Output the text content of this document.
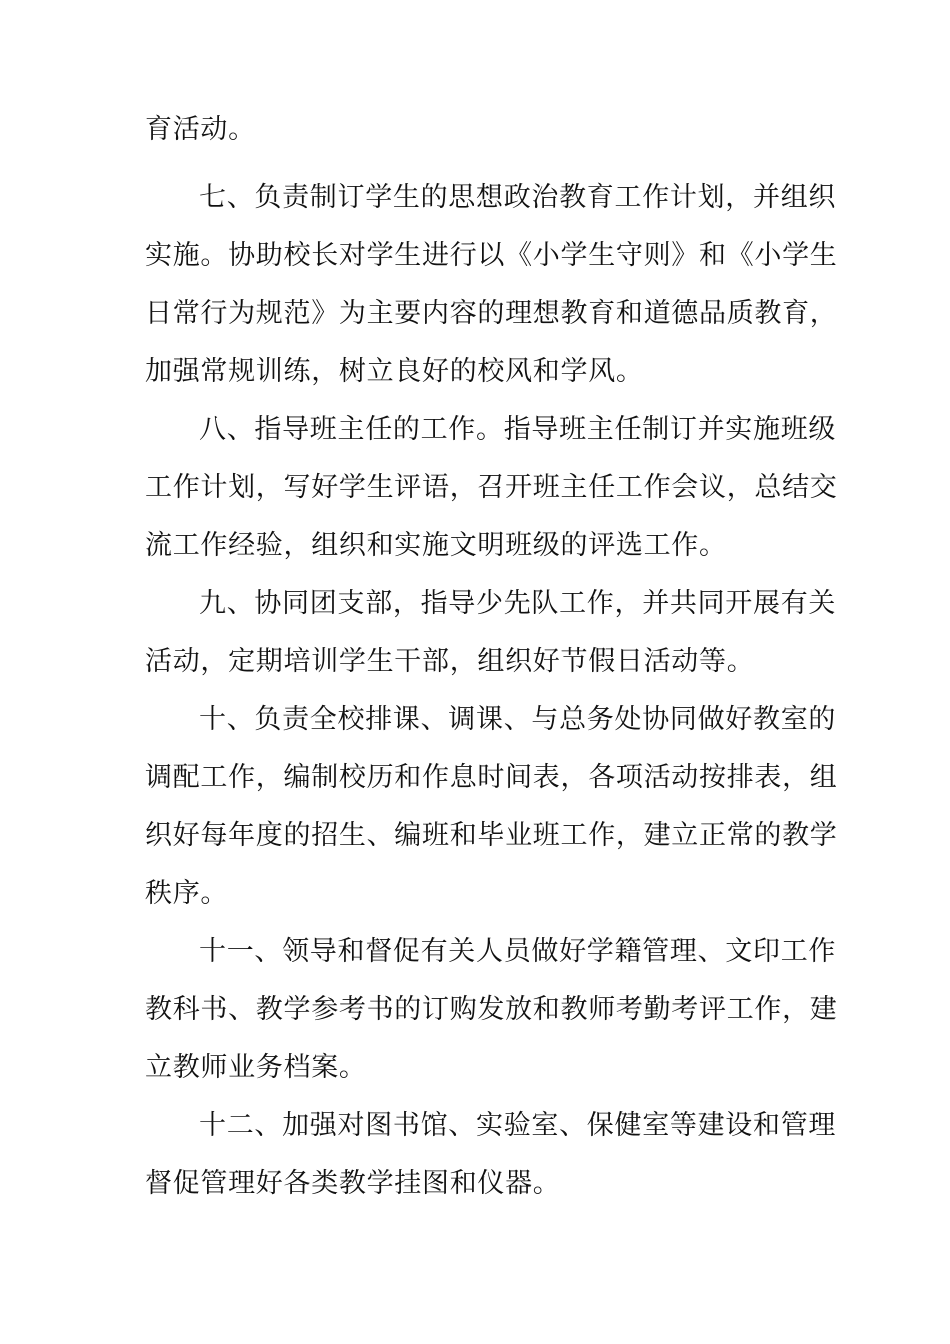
育活动。
七、负责制订学生的思想政治教育工作计划，并组织
实施。协助校长对学生进行以《小学生守则》和《小学生
日常行为规范》为主要内容的理想教育和道德品质教育，
加强常规训练，树立良好的校风和学风。
八、指导班主任的工作。指导班主任制订并实施班级
工作计划，写好学生评语，召开班主任工作会议，总结交
流工作经验，组织和实施文明班级的评选工作。
九、协同团支部，指导少先队工作，并共同开展有关
活动，定期培训学生干部，组织好节假日活动等。
十、负责全校排课、调课、与总务处协同做好教室的
调配工作，编制校历和作息时间表，各项活动按排表，组
织好每年度的招生、编班和毕业班工作，建立正常的教学
秩序。
十一、领导和督促有关人员做好学籍管理、文印工作
教科书、教学参考书的订购发放和教师考勤考评工作，建
立教师业务档案。
十二、加强对图书馆、实验室、保健室等建设和管理
督促管理好各类教学挂图和仪器。
